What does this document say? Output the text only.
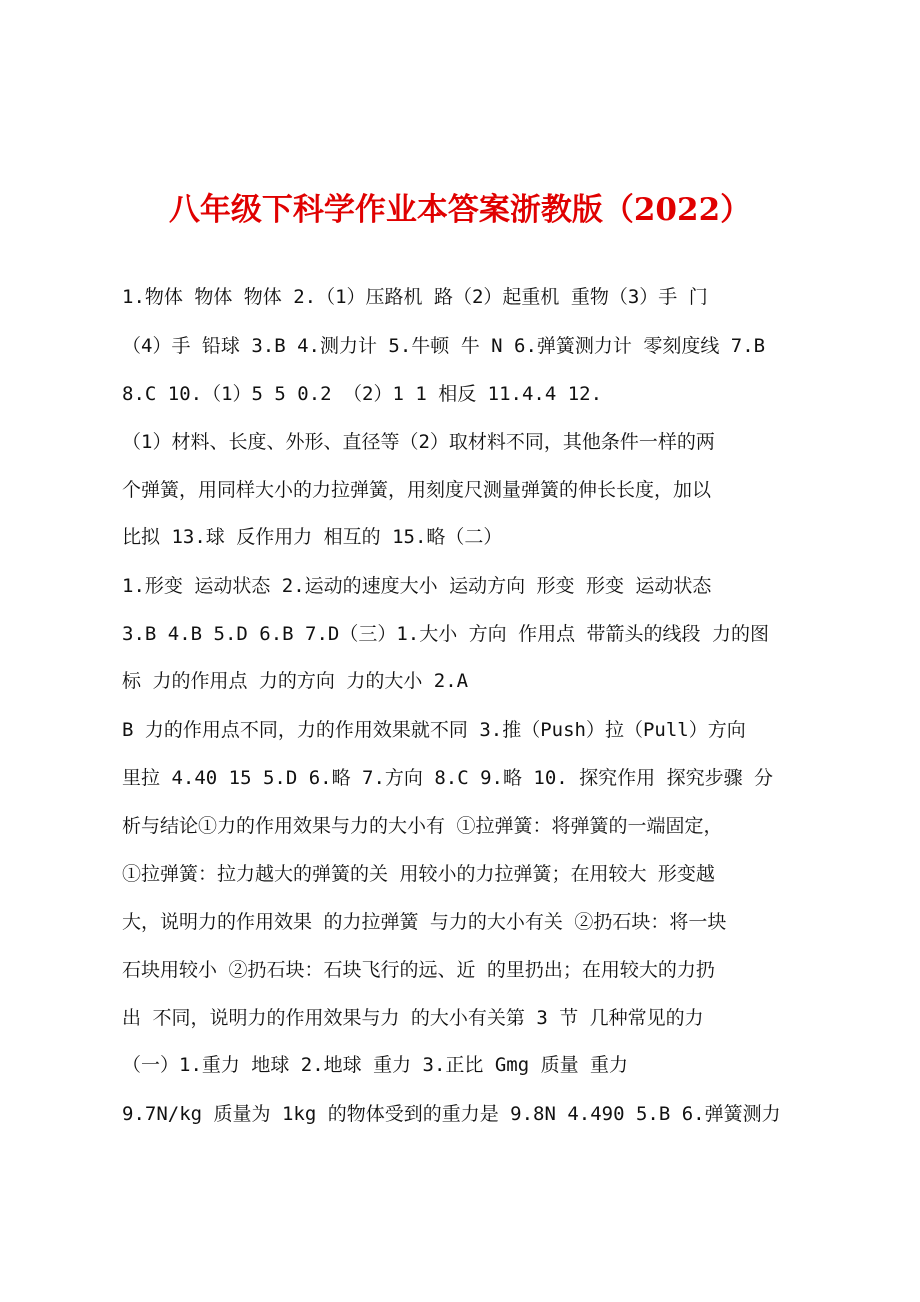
八年级下科学作业本答案浙教版（2022）
1.物体 物体 物体 2.（1）压路机 路（2）起重机 重物（3）手 门
（4）手 铅球 3.B 4.测力计 5.牛顿 牛 N 6.弹簧测力计 零刻度线 7.B
8.C 10.（1）5 5 0.2 （2）1 1 相反 11.4.4 12.
（1）材料、长度、外形、直径等（2）取材料不同，其他条件一样的两
个弹簧，用同样大小的力拉弹簧，用刻度尺测量弹簧的伸长长度，加以
比拟 13.球 反作用力 相互的 15.略（二）
1.形变 运动状态 2.运动的速度大小 运动方向 形变 形变 运动状态
3.B 4.B 5.D 6.B 7.D（三）1.大小 方向 作用点 带箭头的线段 力的图
标 力的作用点 力的方向 力的大小 2.A
B 力的作用点不同，力的作用效果就不同 3.推（Push）拉（Pull）方向
里拉 4.40 15 5.D 6.略 7.方向 8.C 9.略 10. 探究作用 探究步骤 分
析与结论①力的作用效果与力的大小有 ①拉弹簧：将弹簧的一端固定，
①拉弹簧：拉力越大的弹簧的关 用较小的力拉弹簧；在用较大 形变越
大，说明力的作用效果 的力拉弹簧 与力的大小有关 ②扔石块：将一块
石块用较小 ②扔石块：石块飞行的远、近 的里扔出；在用较大的力扔
出 不同，说明力的作用效果与力 的大小有关第 3 节 几种常见的力
（一）1.重力 地球 2.地球 重力 3.正比 Gmg 质量 重力
9.7N/kg 质量为 1kg 的物体受到的重力是 9.8N 4.490 5.B 6.弹簧测力
